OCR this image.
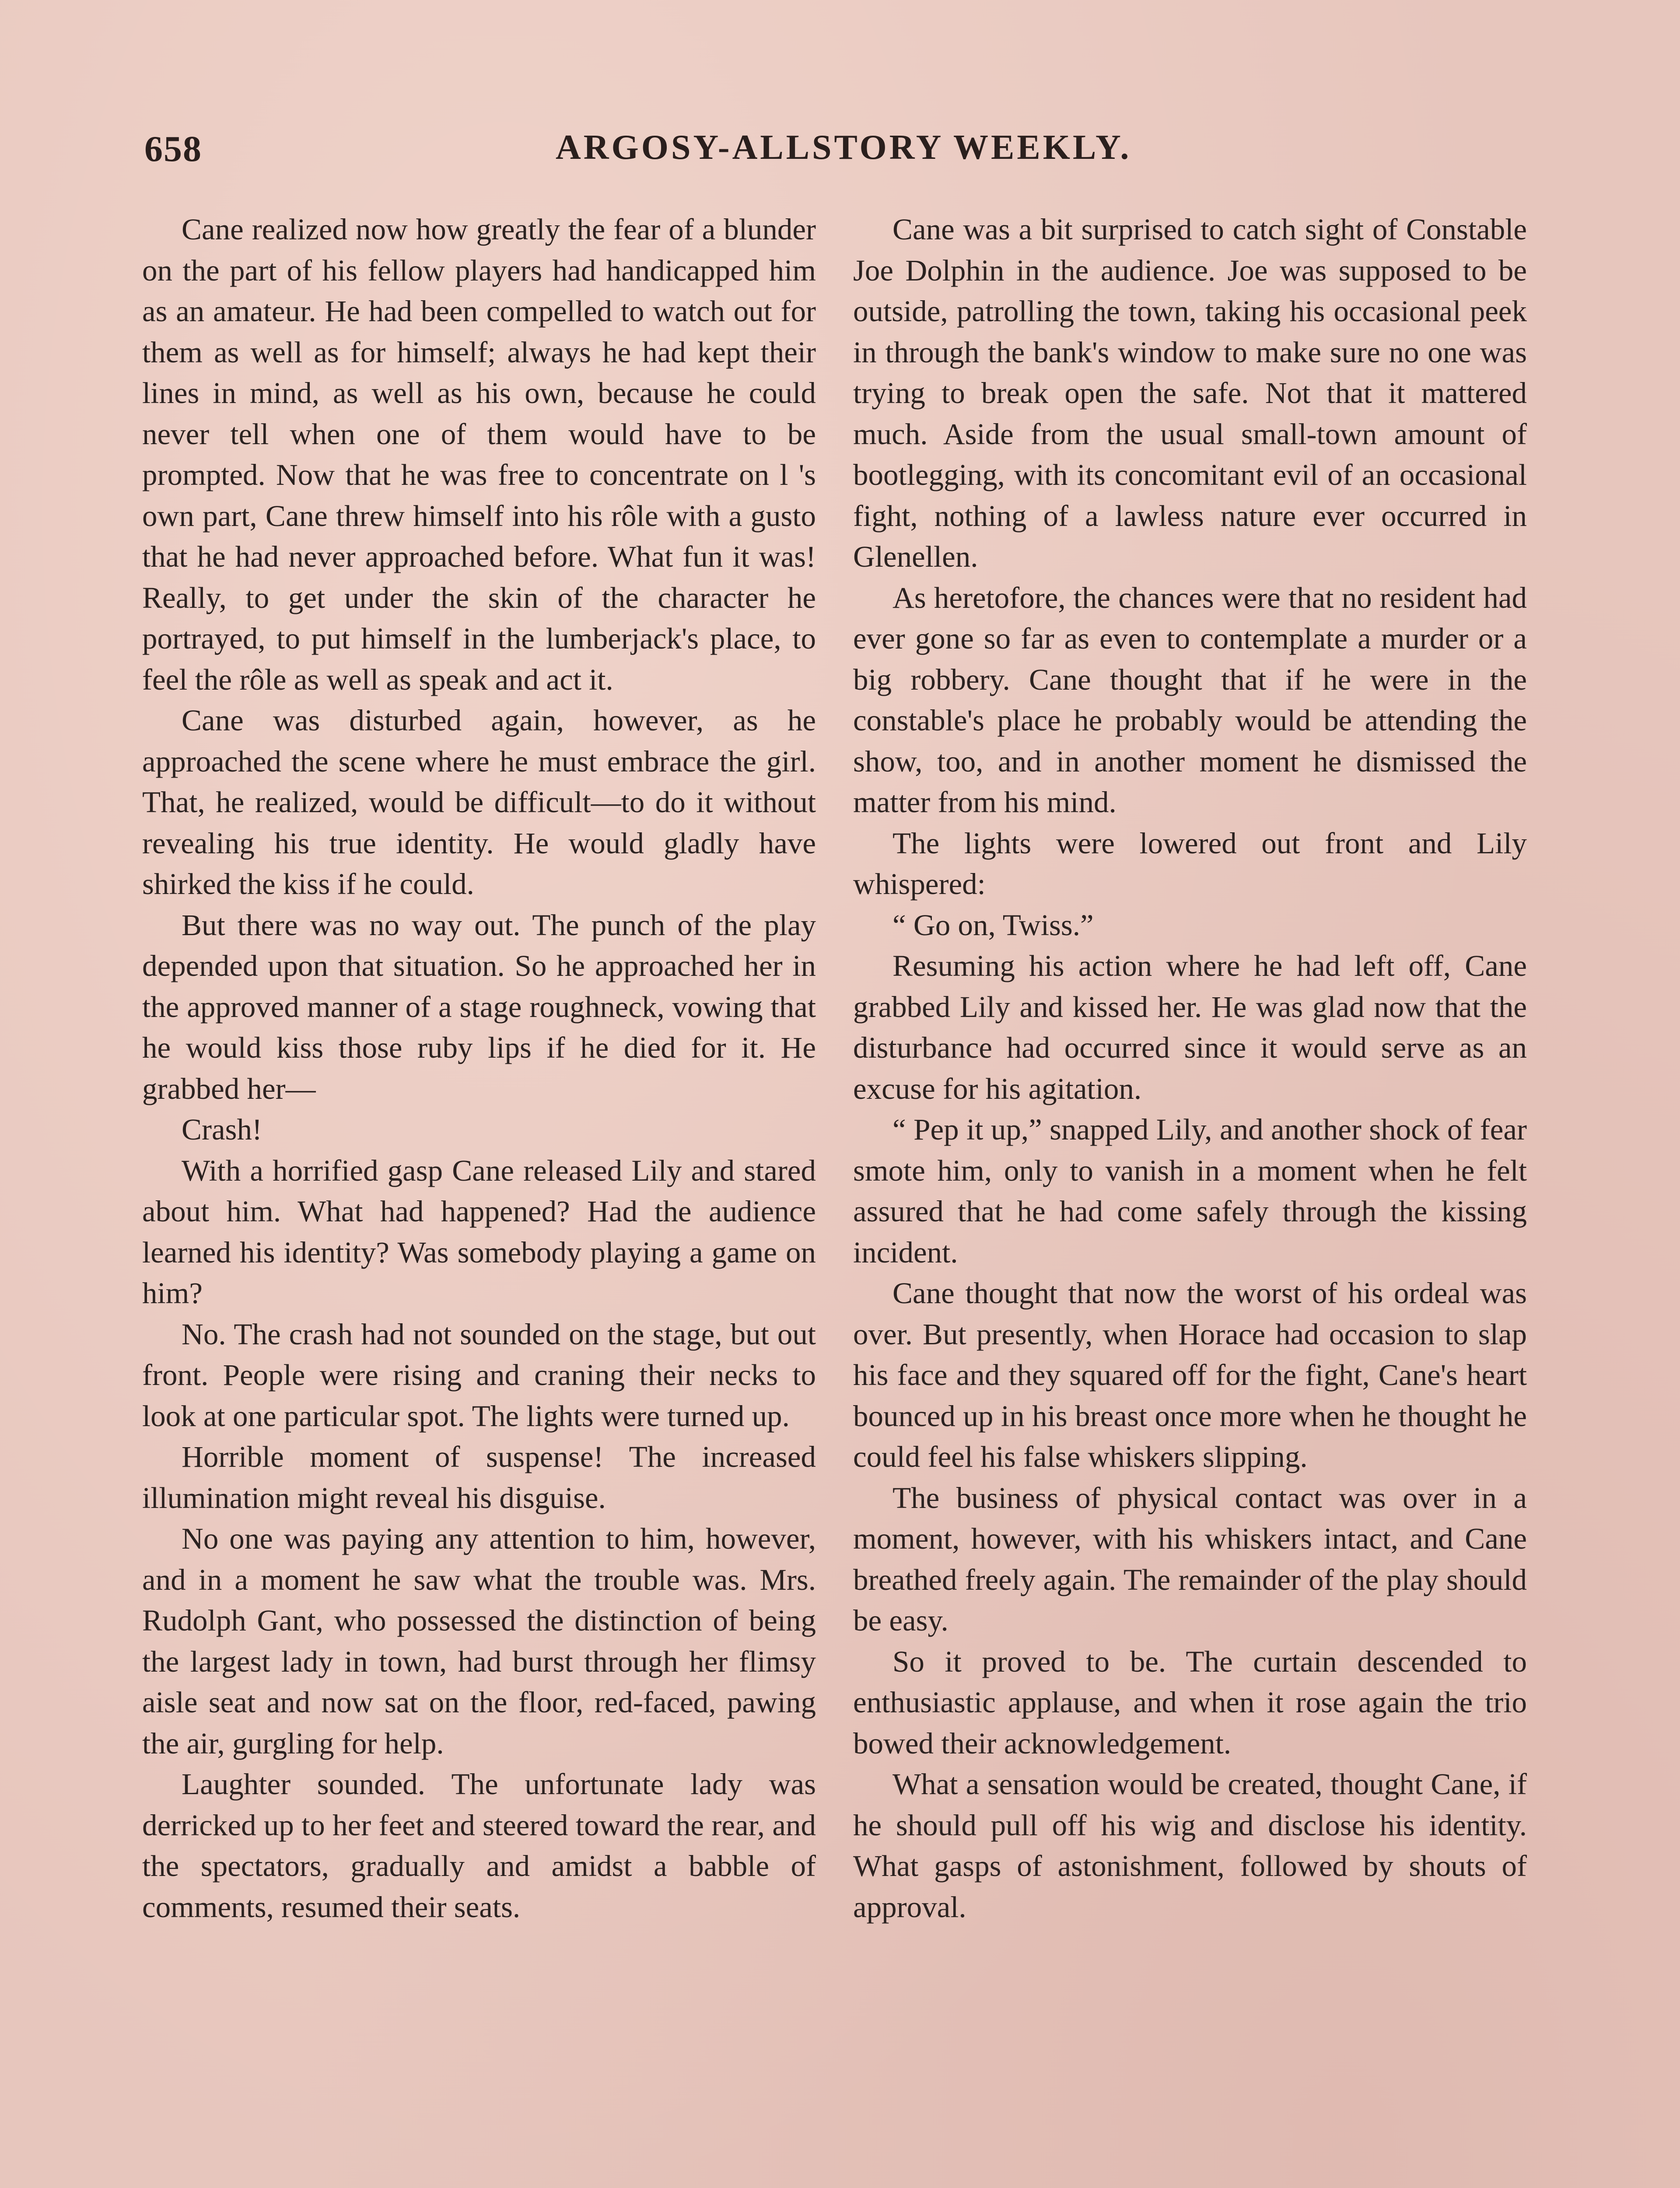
658	ARGOSY-ALLSTORY WEEKLY.

Cane realized now how greatly the fear of a blunder on the part of his fellow players had handicapped him as an amateur. He had been compelled to watch out for them as well as for himself; always he had kept their lines in mind, as well as his own, because he could never tell when one of them would have to be prompted. Now that he was free to concentrate on l 's own part, Cane threw himself into his rôle with a gusto that he had never approached before. What fun it was! Really, to get under the skin of the character he portrayed, to put himself in the lumberjack's place, to feel the rôle as well as speak and act it.

Cane was disturbed again, however, as he approached the scene where he must embrace the girl. That, he realized, would be difficult—to do it without revealing his true identity. He would gladly have shirked the kiss if he could.

But there was no way out. The punch of the play depended upon that situation. So he approached her in the approved manner of a stage roughneck, vowing that he would kiss those ruby lips if he died for it. He grabbed her—

Crash!

With a horrified gasp Cane released Lily and stared about him. What had happened? Had the audience learned his identity? Was somebody playing a game on him?

No. The crash had not sounded on the stage, but out front. People were rising and craning their necks to look at one particular spot. The lights were turned up.

Horrible moment of suspense! The increased illumination might reveal his disguise.

No one was paying any attention to him, however, and in a moment he saw what the trouble was. Mrs. Rudolph Gant, who possessed the distinction of being the largest lady in town, had burst through her flimsy aisle seat and now sat on the floor, red-faced, pawing the air, gurgling for help.

Laughter sounded. The unfortunate lady was derricked up to her feet and steered toward the rear, and the spectators, gradually and amidst a babble of comments, resumed their seats.

Cane was a bit surprised to catch sight of Constable Joe Dolphin in the audience. Joe was supposed to be outside, patrolling the town, taking his occasional peek in through the bank's window to make sure no one was trying to break open the safe. Not that it mattered much. Aside from the usual small-town amount of bootlegging, with its concomitant evil of an occasional fight, nothing of a lawless nature ever occurred in Glenellen.

As heretofore, the chances were that no resident had ever gone so far as even to contemplate a murder or a big robbery. Cane thought that if he were in the constable's place he probably would be attending the show, too, and in another moment he dismissed the matter from his mind.

The lights were lowered out front and Lily whispered:

“ Go on, Twiss.”

Resuming his action where he had left off, Cane grabbed Lily and kissed her. He was glad now that the disturbance had occurred since it would serve as an excuse for his agitation.

“ Pep it up,” snapped Lily, and another shock of fear smote him, only to vanish in a moment when he felt assured that he had come safely through the kissing incident.

Cane thought that now the worst of his ordeal was over. But presently, when Horace had occasion to slap his face and they squared off for the fight, Cane's heart bounced up in his breast once more when he thought he could feel his false whiskers slipping.

The business of physical contact was over in a moment, however, with his whiskers intact, and Cane breathed freely again. The remainder of the play should be easy.

So it proved to be. The curtain descended to enthusiastic applause, and when it rose again the trio bowed their acknowledgement.

What a sensation would be created, thought Cane, if he should pull off his wig and disclose his identity. What gasps of astonishment, followed by shouts of approval.
